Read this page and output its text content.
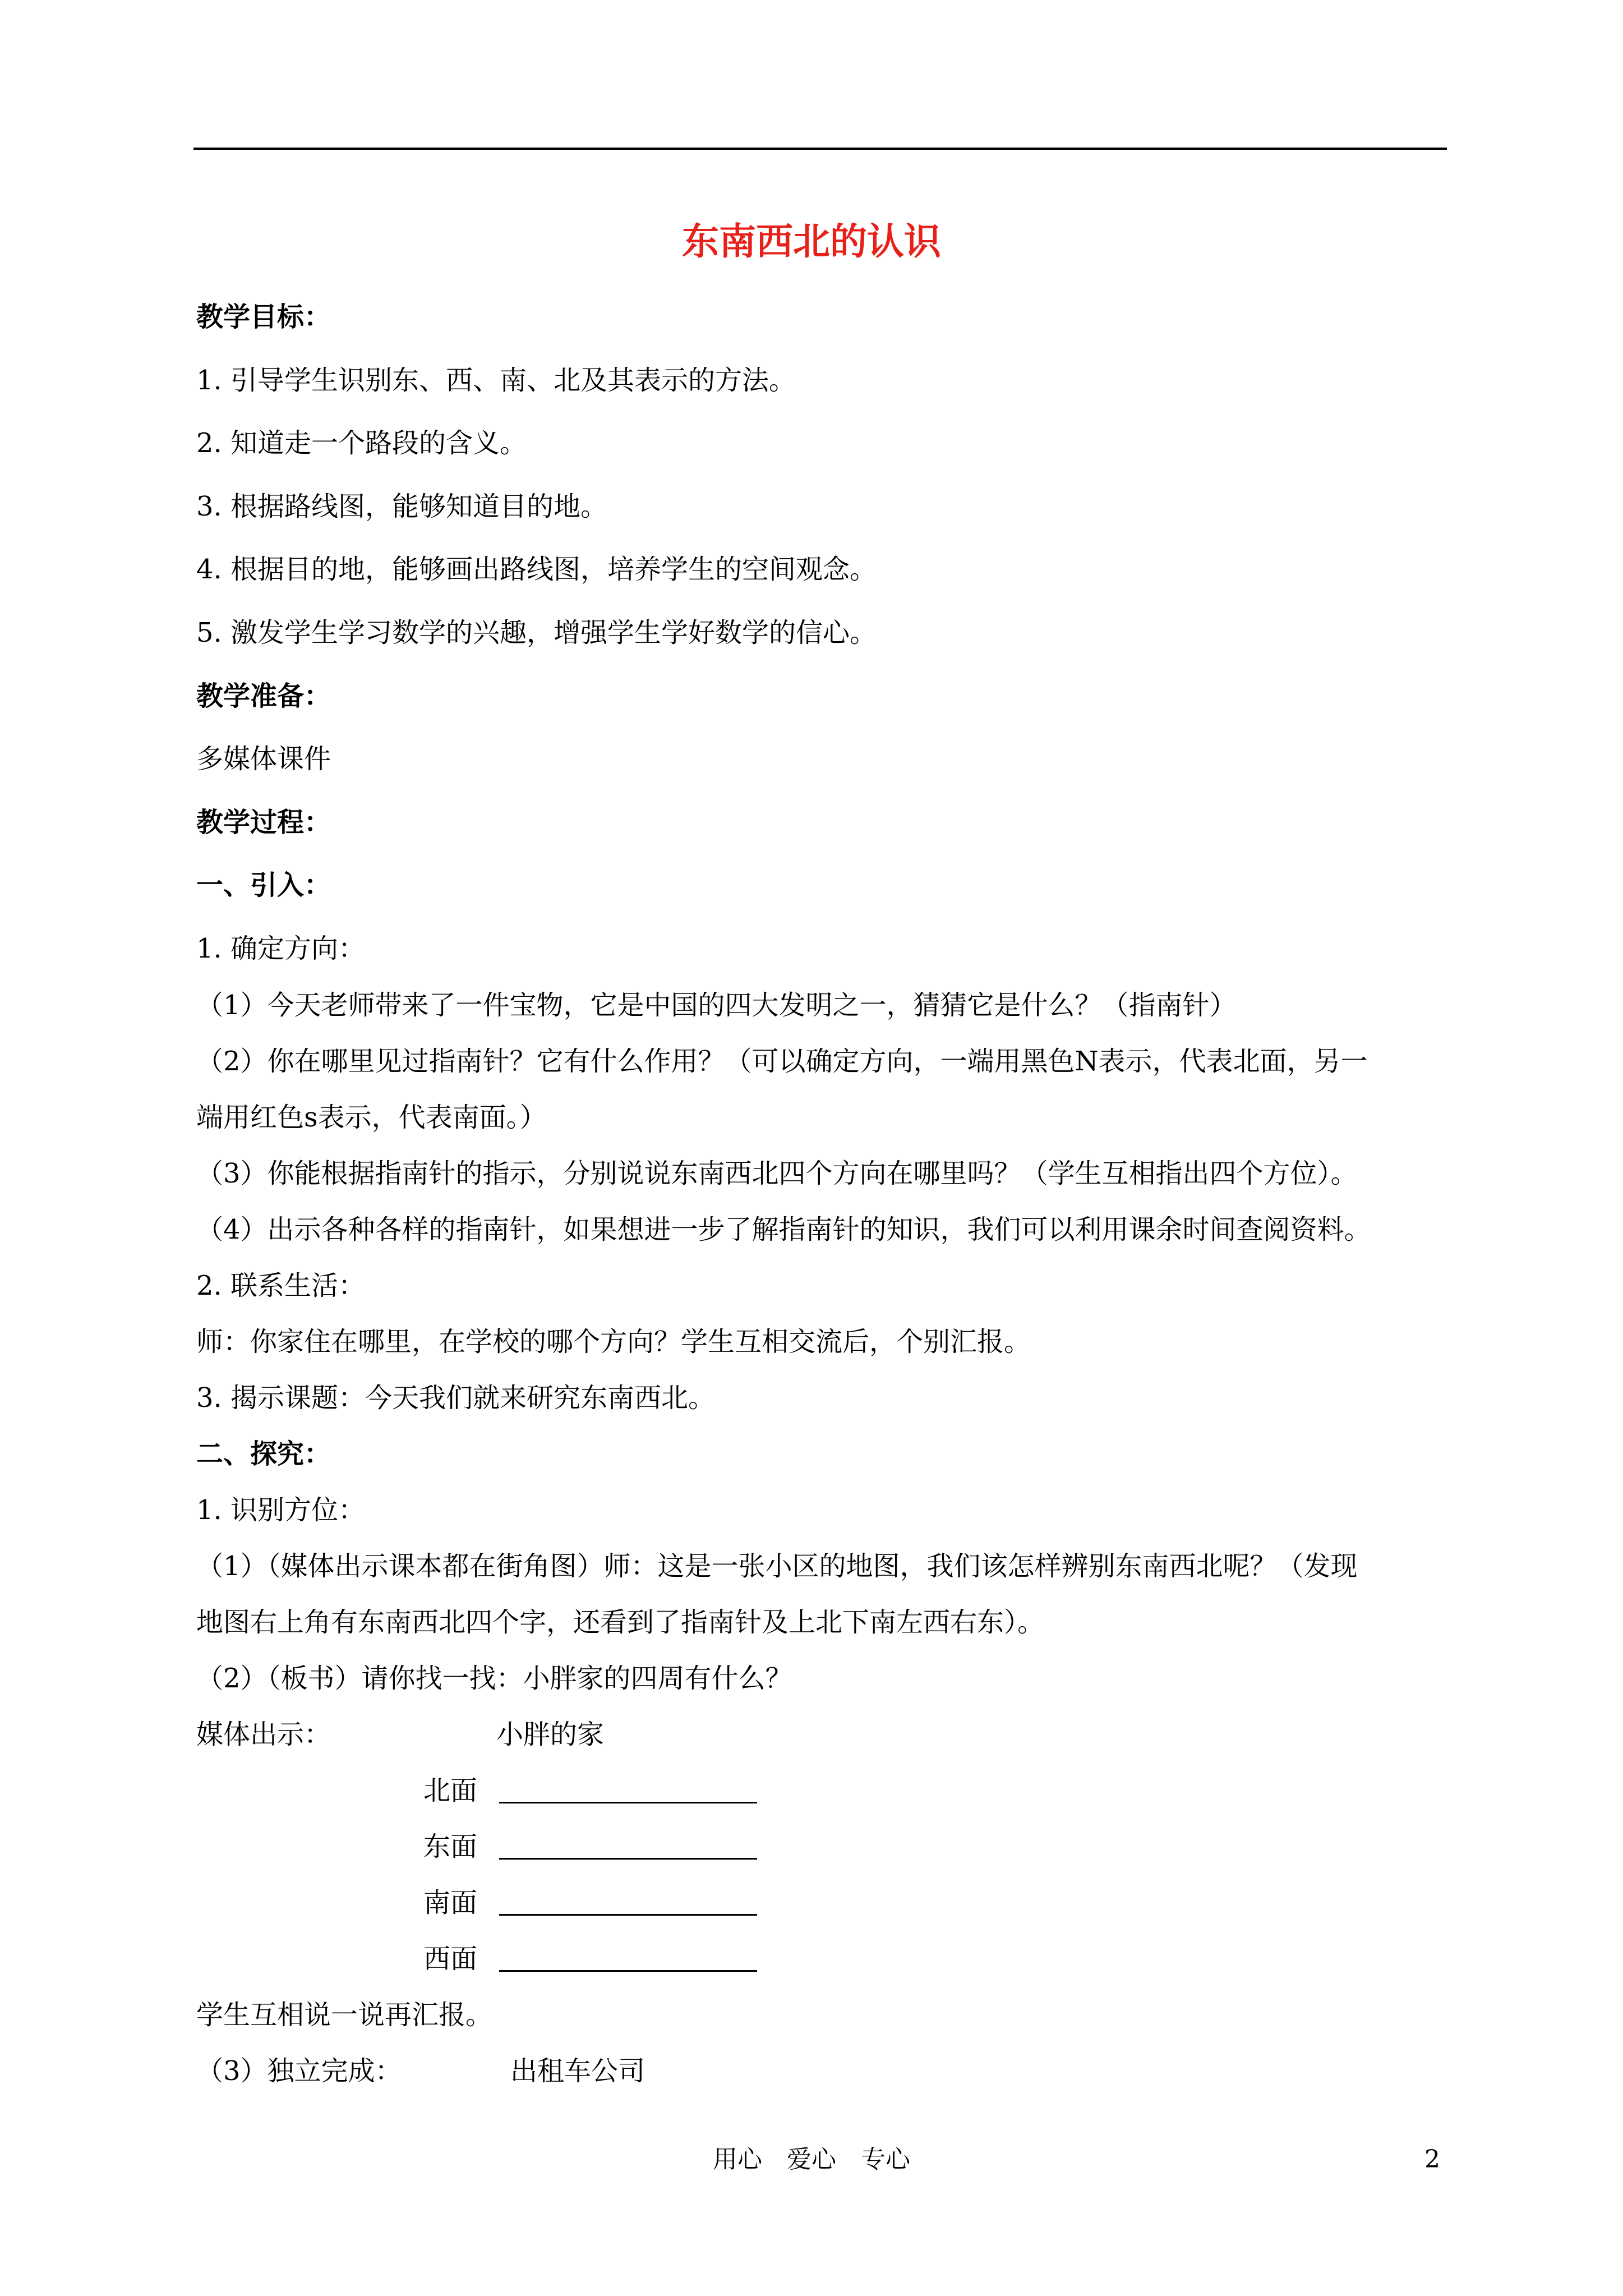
东南西北的认识
教学目标：
1. 引导学生识别东、西、南、北及其表示的方法。
2. 知道走一个路段的含义。
3. 根据路线图，能够知道目的地。
4. 根据目的地，能够画出路线图，培养学生的空间观念。
5. 激发学生学习数学的兴趣，增强学生学好数学的信心。
教学准备：
多媒体课件
教学过程：
一、引入：
1. 确定方向：
（1）今天老师带来了一件宝物，它是中国的四大发明之一，猜猜它是什么？（指南针）
（2）你在哪里见过指南针？它有什么作用？（可以确定方向，一端用黑色N表示，代表北面，另一
端用红色s表示，代表南面。）
（3）你能根据指南针的指示，分别说说东南西北四个方向在哪里吗？（学生互相指出四个方位）。
（4）出示各种各样的指南针，如果想进一步了解指南针的知识，我们可以利用课余时间查阅资料。
2. 联系生活：
师：你家住在哪里，在学校的哪个方向？学生互相交流后，个别汇报。
3. 揭示课题：今天我们就来研究东南西北。
二、探究：
1. 识别方位：
（1）（媒体出示课本都在街角图）师：这是一张小区的地图，我们该怎样辨别东南西北呢？（发现
地图右上角有东南西北四个字，还看到了指南针及上北下南左西右东）。
（2）（板书）请你找一找：小胖家的四周有什么？
媒体出示：	小胖的家
北面
东面
南面
西面
学生互相说一说再汇报。
（3）独立完成：	出租车公司
用心 爱心 专心	2
